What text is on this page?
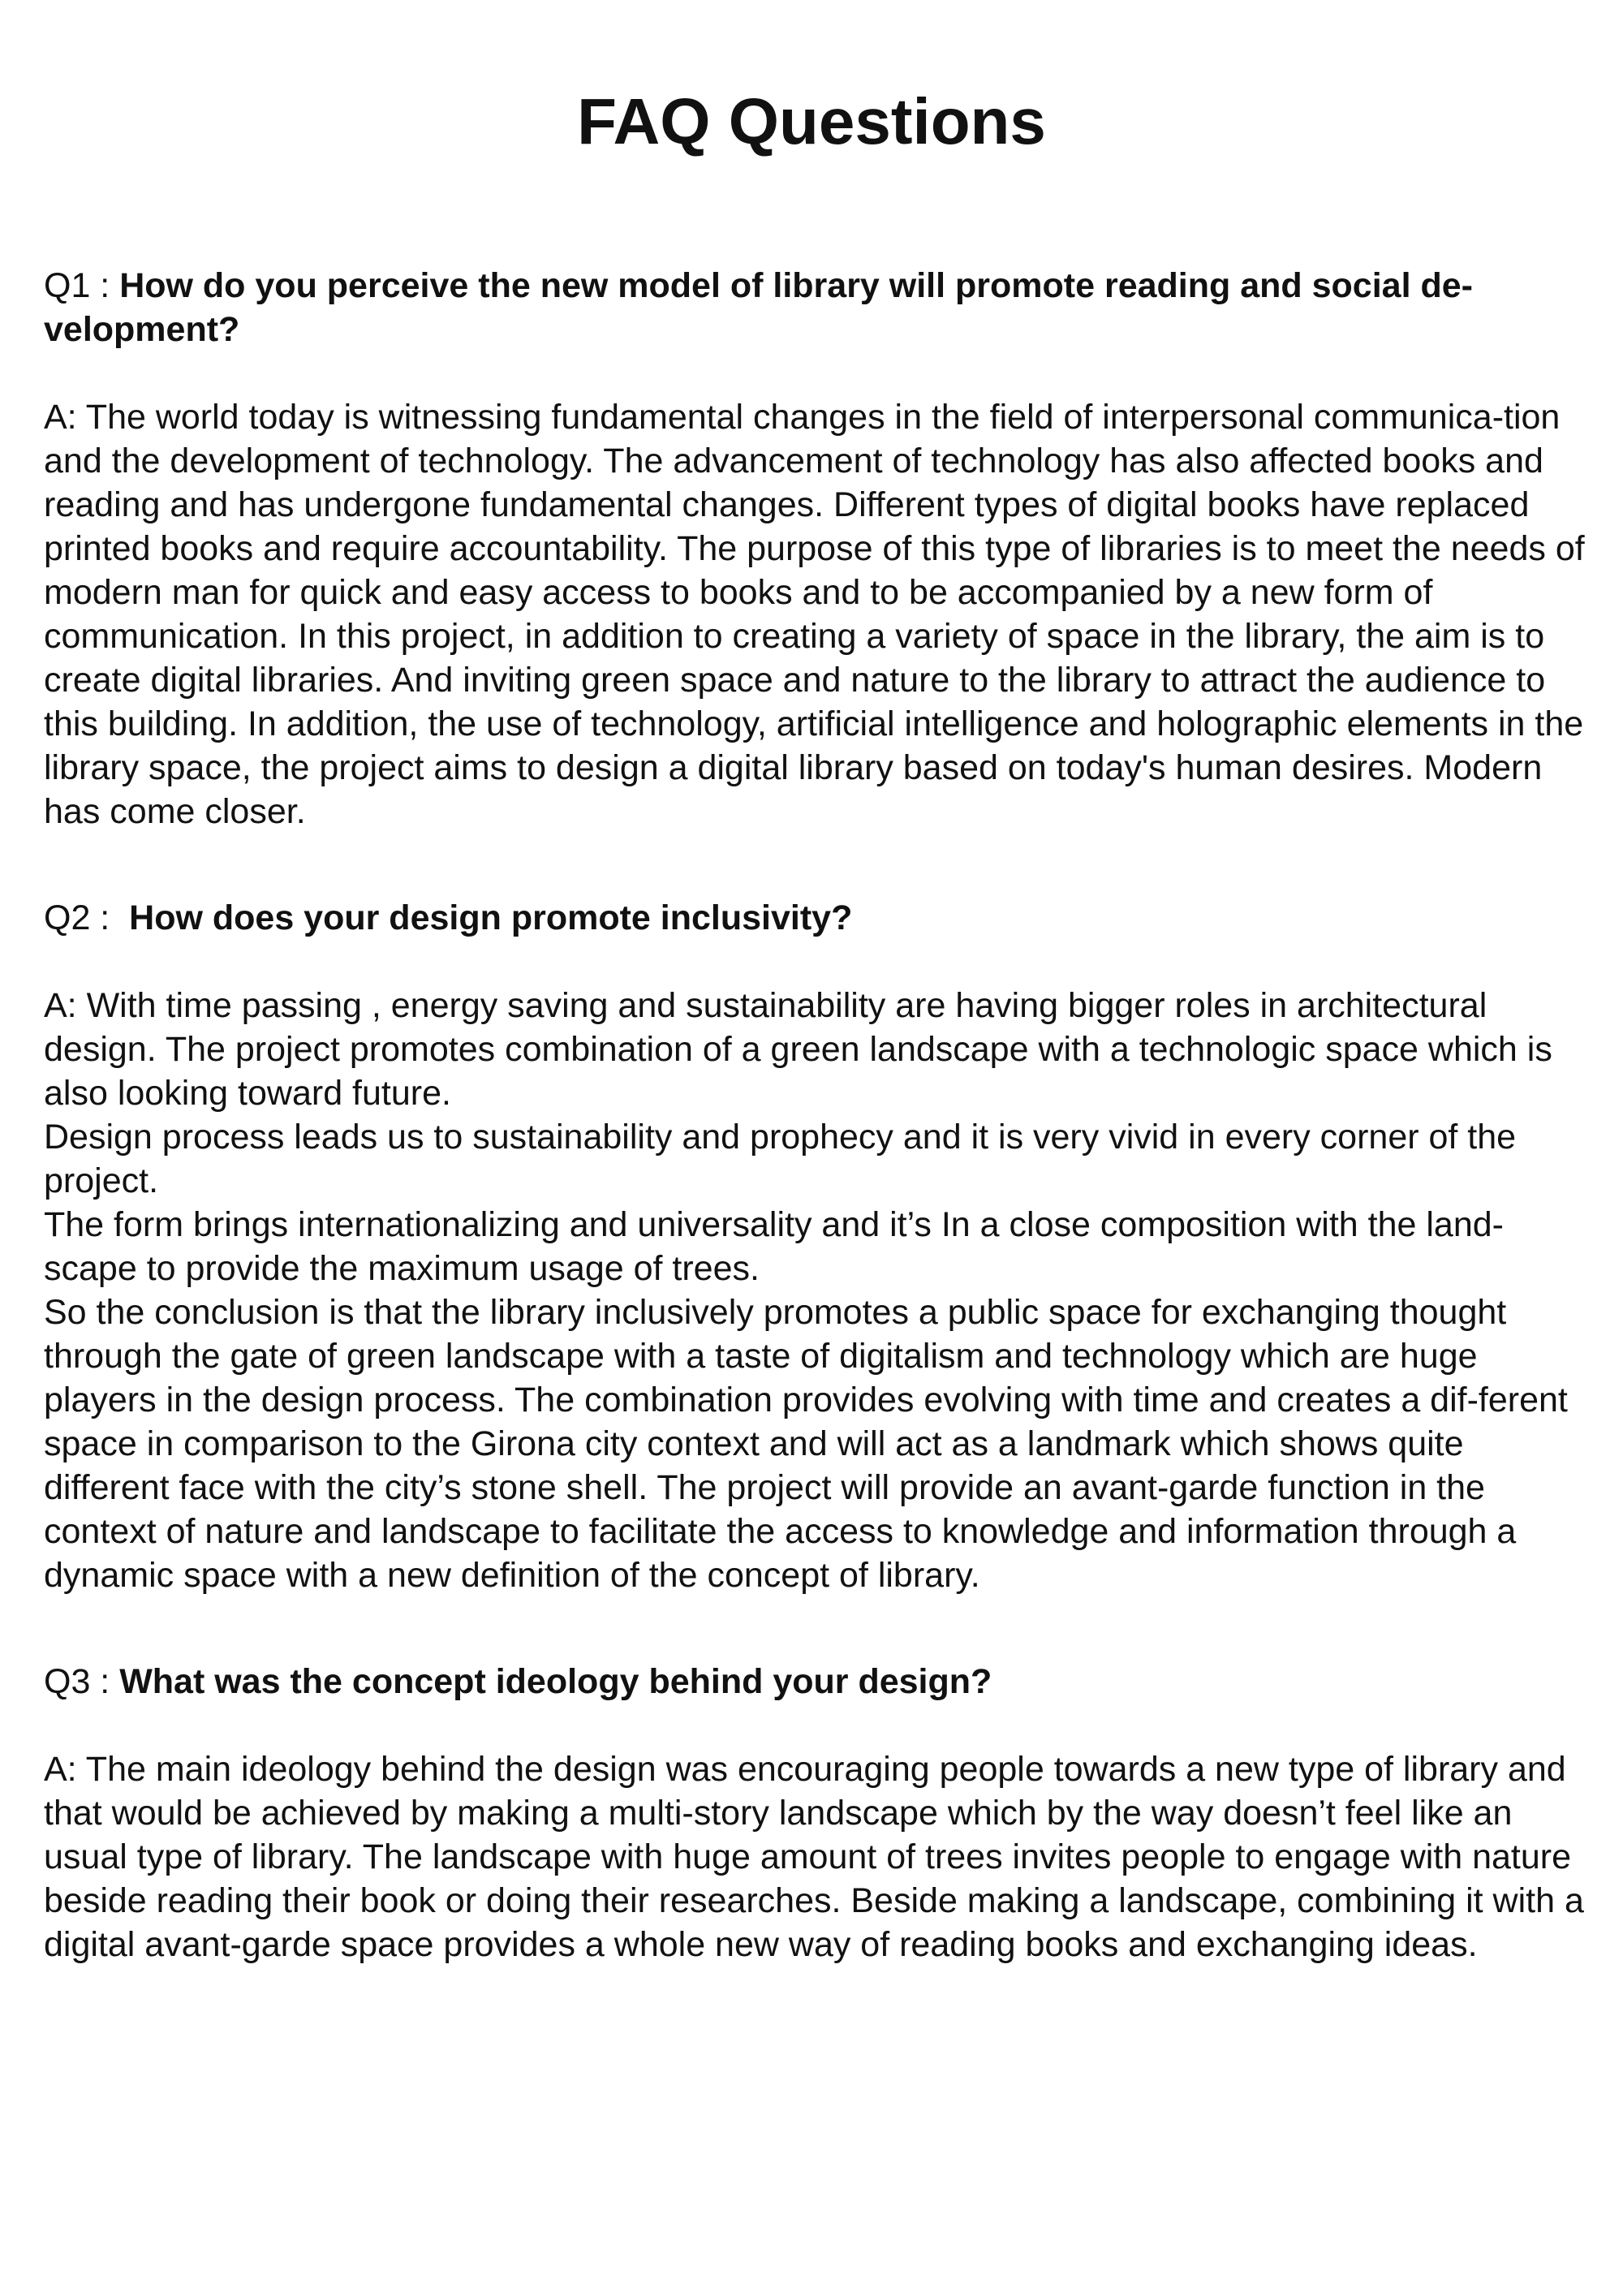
FAQ Questions

Q1 : How do you perceive the new model of library will promote reading and social de-
velopment?

A: The world today is witnessing fundamental changes in the field of interpersonal communica-tion and the development of technology. The advancement of technology has also affected books and reading and has undergone fundamental changes. Different types of digital books have replaced printed books and require accountability. The purpose of this type of libraries is to meet the needs of modern man for quick and easy access to books and to be accompanied by a new form of communication. In this project, in addition to creating a variety of space in the library, the aim is to create digital libraries. And inviting green space and nature to the library to attract the audience to this building. In addition, the use of technology, artificial intelligence and holographic elements in the library space, the project aims to design a digital library based on today's human desires. Modern has come closer.

Q2 :  How does your design promote inclusivity?

A: With time passing , energy saving and sustainability are having bigger roles in architectural design. The project promotes combination of a green landscape with a technologic space which is also looking toward future.

Design process leads us to sustainability and prophecy and it is very vivid in every corner of the project.

The form brings internationalizing and universality and it’s In a close composition with the land-scape to provide the maximum usage of trees.

So the conclusion is that the library inclusively promotes a public space for exchanging thought through the gate of green landscape with a taste of digitalism and technology which are huge players in the design process. The combination provides evolving with time and creates a dif-ferent space in comparison to the Girona city context and will act as a landmark which shows quite different face with the city’s stone shell. The project will provide an avant-garde function in the context of nature and landscape to facilitate the access to knowledge and information through a dynamic space with a new definition of the concept of library.

Q3 : What was the concept ideology behind your design?

A: The main ideology behind the design was encouraging people towards a new type of library and that would be achieved by making a multi-story landscape which by the way doesn’t feel like an usual type of library. The landscape with huge amount of trees invites people to engage with nature beside reading their book or doing their researches. Beside making a landscape, combining it with a digital avant-garde space provides a whole new way of reading books and exchanging ideas.
